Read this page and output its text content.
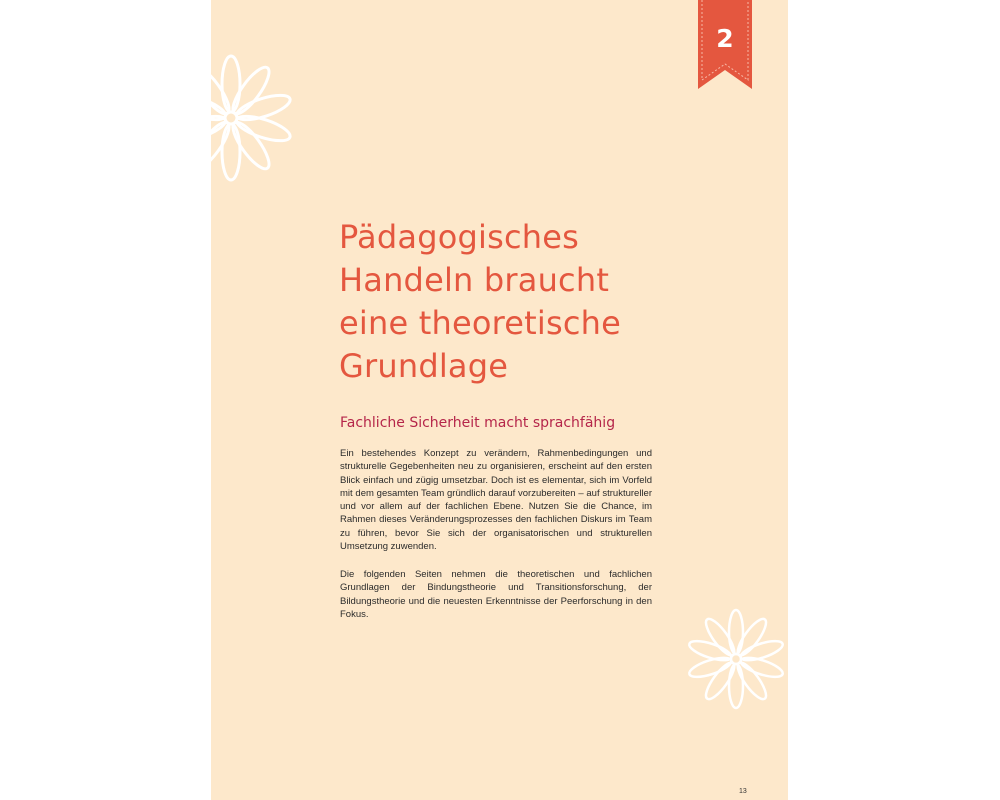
2
Pädagogisches
Handeln braucht
eine theoretische
Grundlage
Fachliche Sicherheit macht sprachfähig

Ein bestehendes Konzept zu verändern, Rahmenbedingungen und strukturelle Gegebenheiten neu zu organisieren, erscheint auf den ersten Blick einfach und zügig umsetzbar. Doch ist es elementar, sich im Vorfeld mit dem gesamten Team gründlich darauf vorzubereiten – auf struktureller und vor allem auf der fachlichen Ebene. Nutzen Sie die Chance, im Rahmen dieses Veränderungsprozesses den fachlichen Diskurs im Team zu führen, bevor Sie sich der organisatorischen und strukturellen Umsetzung zuwenden.

Die folgenden Seiten nehmen die theoretischen und fachlichen Grundlagen der Bindungstheorie und Transitionsforschung, der Bildungstheorie und die neuesten Erkenntnisse der Peerforschung in den Fokus.

13
